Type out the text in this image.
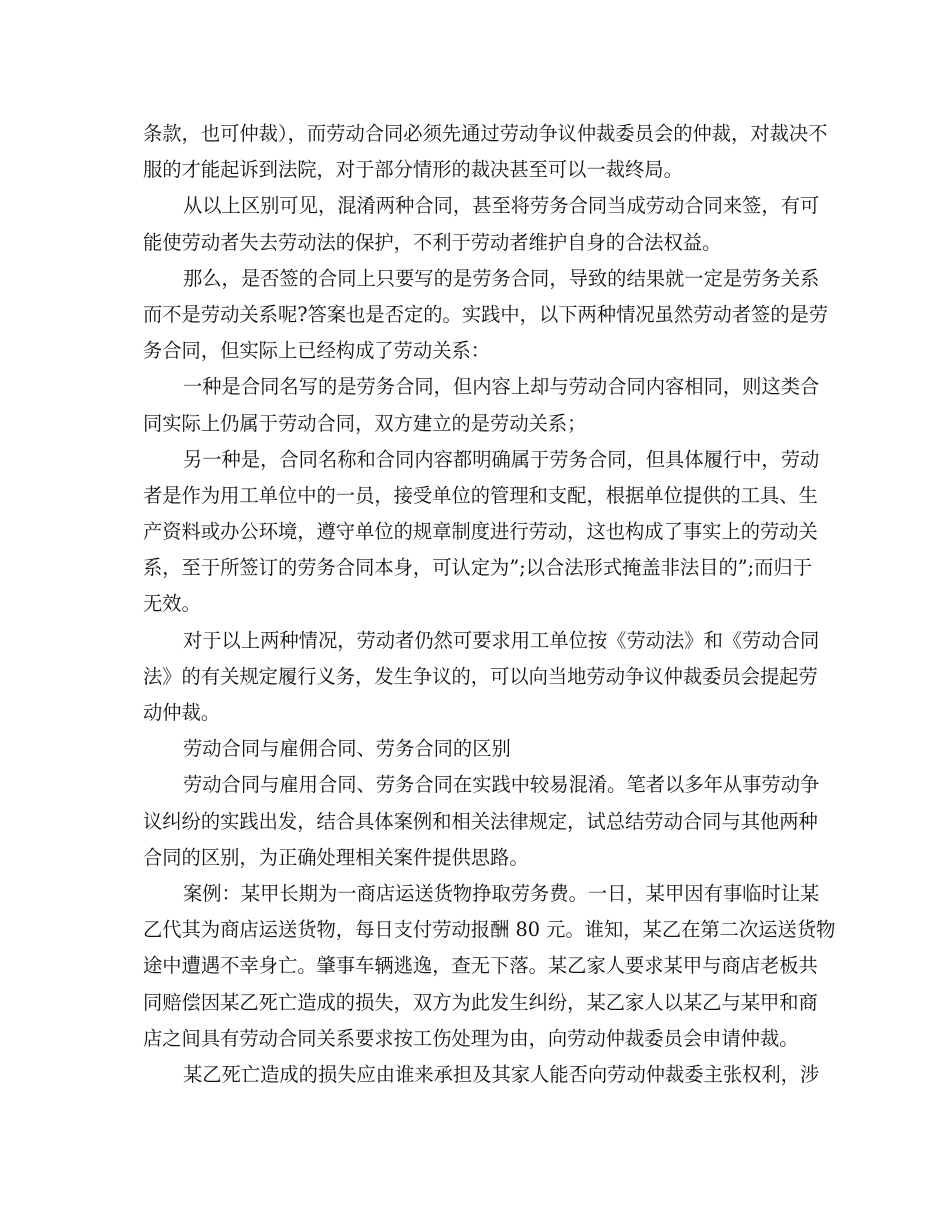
条款，也可仲裁），而劳动合同必须先通过劳动争议仲裁委员会的仲裁，对裁决不
服的才能起诉到法院，对于部分情形的裁决甚至可以一裁终局。
从以上区别可见，混淆两种合同，甚至将劳务合同当成劳动合同来签，有可
能使劳动者失去劳动法的保护，不利于劳动者维护自身的合法权益。
那么，是否签的合同上只要写的是劳务合同，导致的结果就一定是劳务关系
而不是劳动关系呢?答案也是否定的。实践中，以下两种情况虽然劳动者签的是劳
务合同，但实际上已经构成了劳动关系：
一种是合同名写的是劳务合同，但内容上却与劳动合同内容相同，则这类合
同实际上仍属于劳动合同，双方建立的是劳动关系；
另一种是，合同名称和合同内容都明确属于劳务合同，但具体履行中，劳动
者是作为用工单位中的一员，接受单位的管理和支配，根据单位提供的工具、生
产资料或办公环境，遵守单位的规章制度进行劳动，这也构成了事实上的劳动关
系，至于所签订的劳务合同本身，可认定为”;以合法形式掩盖非法目的”;而归于
无效。
对于以上两种情况，劳动者仍然可要求用工单位按《劳动法》和《劳动合同
法》的有关规定履行义务，发生争议的，可以向当地劳动争议仲裁委员会提起劳
动仲裁。
劳动合同与雇佣合同、劳务合同的区别
劳动合同与雇用合同、劳务合同在实践中较易混淆。笔者以多年从事劳动争
议纠纷的实践出发，结合具体案例和相关法律规定，试总结劳动合同与其他两种
合同的区别，为正确处理相关案件提供思路。
案例：某甲长期为一商店运送货物挣取劳务费。一日，某甲因有事临时让某
乙代其为商店运送货物，每日支付劳动报酬 80 元。谁知，某乙在第二次运送货物
途中遭遇不幸身亡。肇事车辆逃逸，查无下落。某乙家人要求某甲与商店老板共
同赔偿因某乙死亡造成的损失，双方为此发生纠纷，某乙家人以某乙与某甲和商
店之间具有劳动合同关系要求按工伤处理为由，向劳动仲裁委员会申请仲裁。
某乙死亡造成的损失应由谁来承担及其家人能否向劳动仲裁委主张权利，涉
